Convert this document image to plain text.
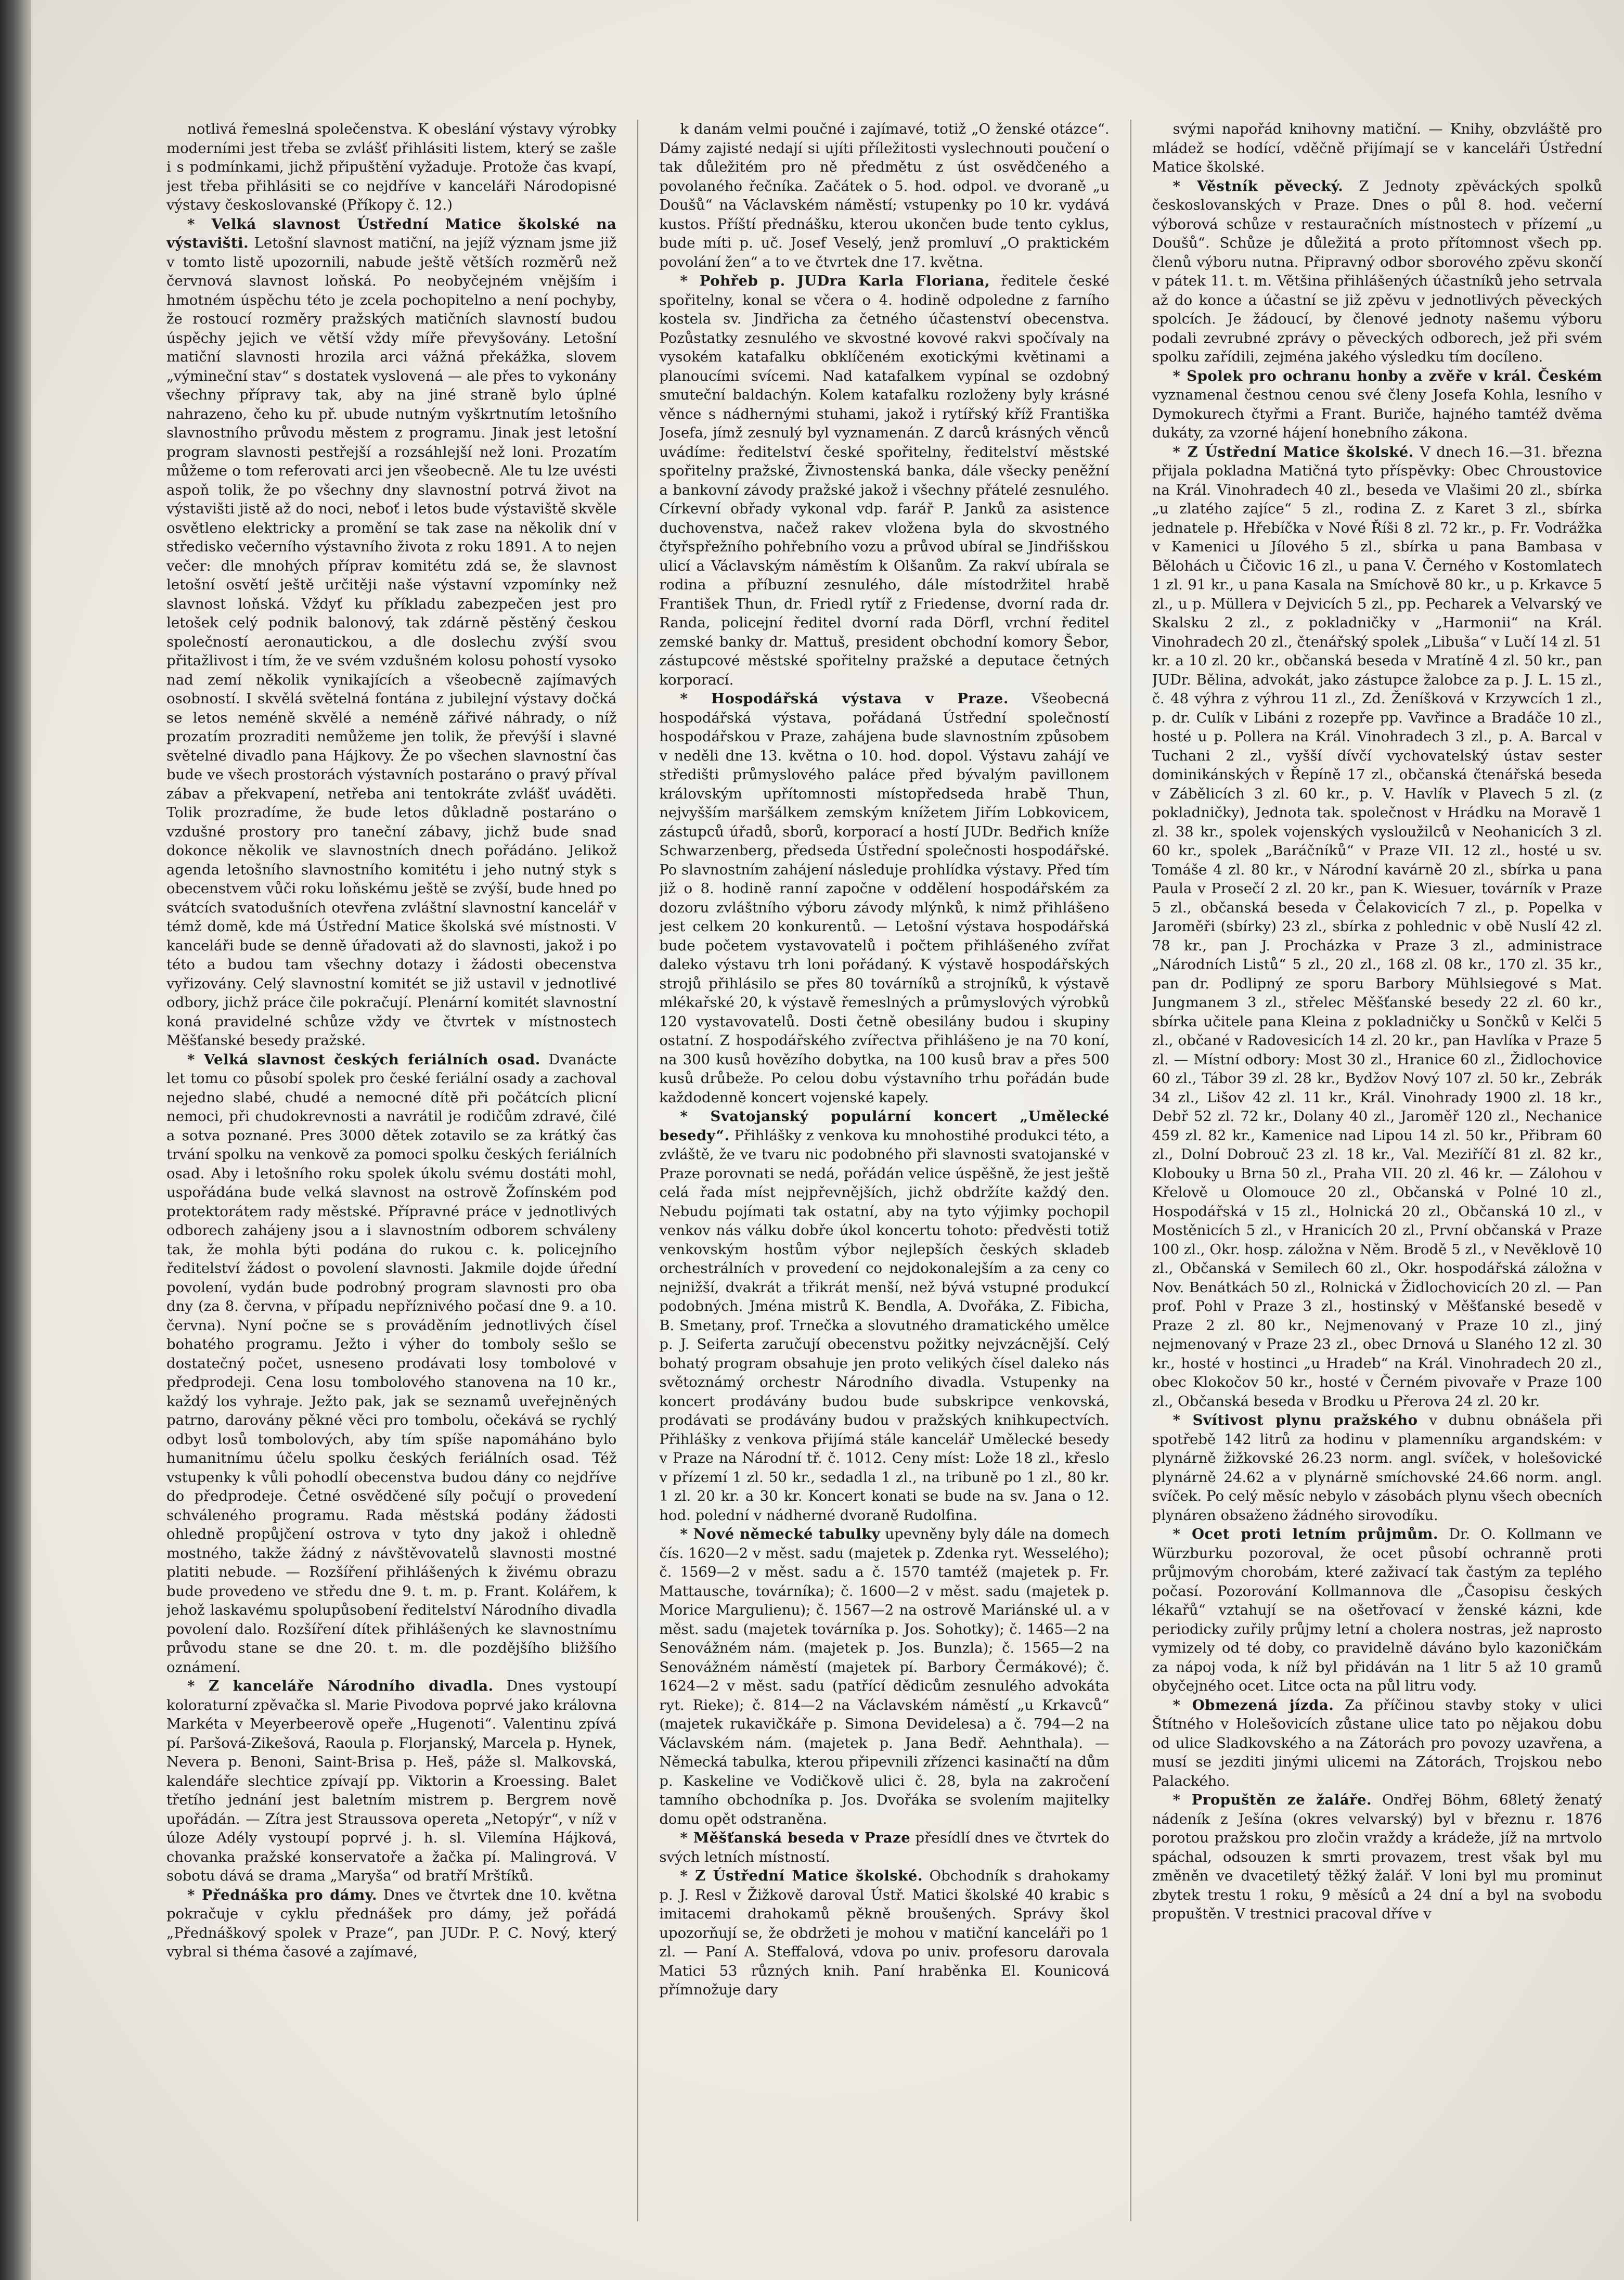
notlivá řemeslná společenstva. K obeslání výstavy výrobky moderními jest třeba se zvlášť přihlásiti listem, který se zašle i s podmínkami, jichž připuštění vyžaduje. Protože čas kvapí, jest třeba přihlásiti se co nejdříve v kanceláři Národopisné výstavy českoslovanské (Příkopy č. 12.)

* Velká slavnost Ústřední Matice školské na výstavišti. Letošní slavnost matiční, na jejíž význam jsme již v tomto listě upozornili, nabude ještě větších rozměrů než červnová slavnost loňská. Po neobyčejném vnějším i hmotném úspěchu této je zcela pochopitelno a není pochyby, že rostoucí rozměry pražských matičních slavností budou úspěchy jejich ve větší vždy míře převyšovány. Letošní matiční slavnosti hrozila arci vážná překážka, slovem „výmineční stav“ s dostatek vyslovená — ale přes to vykonány všechny přípravy tak, aby na jiné straně bylo úplné nahrazeno, čeho ku př. ubude nutným vyškrtnutím letošního slavnostního průvodu městem z programu. Jinak jest letošní program slavnosti pestřejší a rozsáhlejší než loni. Prozatím můžeme o tom referovati arci jen všeobecně. Ale tu lze uvésti aspoň tolik, že po všechny dny slavnostní potrvá život na výstavišti jistě až do noci, neboť i letos bude výstaviště skvěle osvětleno elektricky a promění se tak zase na několik dní v středisko večerního výstavního života z roku 1891. A to nejen večer: dle mnohých příprav komitétu zdá se, že slavnost letošní osvětí ještě určitěji naše výstavní vzpomínky než slavnost loňská. Vždyť ku příkladu zabezpečen jest pro letošek celý podnik balonový, tak zdárně pěstěný českou společností aeronautickou, a dle doslechu zvýší svou přitažlivost i tím, že ve svém vzdušném kolosu pohostí vysoko nad zemí několik vynikajících a všeobecně zajímavých osobností. I skvělá světelná fontána z jubilejní výstavy dočká se letos neméně skvělé a neméně zářivé náhrady, o níž prozatím prozraditi nemůžeme jen tolik, že převýší i slavné světelné divadlo pana Hájkovy. Že po všechen slavnostní čas bude ve všech prostorách výstavních postaráno o pravý příval zábav a překvapení, netřeba ani tentokráte zvlášť uváděti. Tolik prozradíme, že bude letos důkladně postaráno o vzdušné prostory pro taneční zábavy, jichž bude snad dokonce několik ve slavnostních dnech pořádáno. Jelikož agenda letošního slavnostního komitétu i jeho nutný styk s obecenstvem vůči roku loňskému ještě se zvýší, bude hned po svátcích svatodušních otevřena zvláštní slavnostní kancelář v témž domě, kde má Ústřední Matice školská své místnosti. V kanceláři bude se denně úřadovati až do slavnosti, jakož i po této a budou tam všechny dotazy i žádosti obecenstva vyřizovány. Celý slavnostní komitét se již ustavil v jednotlivé odbory, jichž práce čile pokračují. Plenární komitét slavnostní koná pravidelné schůze vždy ve čtvrtek v místnostech Měšťanské besedy pražské.

* Velká slavnost českých feriálních osad. Dvanácte let tomu co působí spolek pro české feriální osady a zachoval nejedno slabé, chudé a nemocné dítě při počátcích plicní nemoci, při chudokrevnosti a navrátil je rodičům zdravé, čilé a sotva poznané. Pres 3000 dětek zotavilo se za krátký čas trvání spolku na venkově za pomoci spolku českých feriálních osad. Aby i letošního roku spolek úkolu svému dostáti mohl, uspořádána bude velká slavnost na ostrově Žofínském pod protektorátem rady městské. Přípravné práce v jednotlivých odborech zahájeny jsou a i slavnostním odborem schváleny tak, že mohla býti podána do rukou c. k. policejního ředitelství žádost o povolení slavnosti. Jakmile dojde úřední povolení, vydán bude podrobný program slavnosti pro oba dny (za 8. června, v případu nepříznivého počasí dne 9. a 10. června). Nyní počne se s prováděním jednotlivých čísel bohatého programu. Ježto i výher do tomboly sešlo se dostatečný počet, usneseno prodávati losy tombolové v předprodeji. Cena losu tombolového stanovena na 10 kr., každý los vyhraje. Ježto pak, jak se seznamů uveřejněných patrno, darovány pěkné věci pro tombolu, očekává se rychlý odbyt losů tombolových, aby tím spíše napomáháno bylo humanitnímu účelu spolku českých feriálních osad. Též vstupenky k vůli pohodlí obecenstva budou dány co nejdříve do předprodeje. Četné osvědčené síly počují o provedení schváleného programu. Rada městská podány žádosti ohledně propůjčení ostrova v tyto dny jakož i ohledně mostného, takže žádný z návštěvovatelů slavnosti mostné platiti nebude. — Rozšíření přihlášených k živému obrazu bude provedeno ve středu dne 9. t. m. p. Frant. Kolářem, k jehož laskavému spolupůsobení ředitelství Národního divadla povolení dalo. Rozšíření dítek přihlášených ke slavnostnímu průvodu stane se dne 20. t. m. dle pozdějšího bližšího oznámení.

* Z kanceláře Národního divadla. Dnes vystoupí koloraturní zpěvačka sl. Marie Pivodova poprvé jako královna Markéta v Meyerbeerově opeře „Hugenoti“. Valentinu zpívá pí. Paršová-Zikešová, Raoula p. Florjanský, Marcela p. Hynek, Nevera p. Benoni, Saint-Brisa p. Heš, páže sl. Malkovská, kalendáře slechtice zpívají pp. Viktorin a Kroessing. Balet třetího jednání jest baletním mistrem p. Bergrem nově upořádán. — Zítra jest Straussova opereta „Netopýr“, v níž v úloze Adély vystoupí poprvé j. h. sl. Vilemína Hájková, chovanka pražské konservatoře a žačka pí. Malingrová. V sobotu dává se drama „Maryša“ od bratří Mrštíků.

* Přednáška pro dámy. Dnes ve čtvrtek dne 10. května pokračuje v cyklu přednášek pro dámy, jež pořádá „Přednáškový spolek v Praze“, pan JUDr. P. C. Nový, který vybral si théma časové a zajímavé,

k danám velmi poučné i zajímavé, totiž „O ženské otázce“. Dámy zajisté nedají si ujíti příležitosti vyslechnouti poučení o tak důležitém pro ně předmětu z úst osvědčeného a povolaného řečníka. Začátek o 5. hod. odpol. ve dvoraně „u Doušů“ na Václavském náměstí; vstupenky po 10 kr. vydává kustos. Příští přednášku, kterou ukončen bude tento cyklus, bude míti p. uč. Josef Veselý, jenž promluví „O praktickém povolání žen“ a to ve čtvrtek dne 17. května.

* Pohřeb p. JUDra Karla Floriana, ředitele české spořitelny, konal se včera o 4. hodině odpoledne z farního kostela sv. Jindřicha za četného účastenství obecenstva. Pozůstatky zesnulého ve skvostné kovové rakvi spočívaly na vysokém katafalku obklíčeném exotickými květinami a planoucími svícemi. Nad katafalkem vypínal se ozdobný smuteční baldachýn. Kolem katafalku rozloženy byly krásné věnce s nádhernými stuhami, jakož i rytířský kříž Františka Josefa, jímž zesnulý byl vyznamenán. Z darců krásných věnců uvádíme: ředitelství české spořitelny, ředitelství městské spořitelny pražské, Živnostenská banka, dále všecky peněžní a bankovní závody pražské jakož i všechny přátelé zesnulého. Církevní obřady vykonal vdp. farář P. Janků za asistence duchovenstva, načež rakev vložena byla do skvostného čtyřspřežního pohřebního vozu a průvod ubíral se Jindřišskou ulicí a Václavským náměstím k Olšanům. Za rakví ubírala se rodina a příbuzní zesnulého, dále místodržitel hrabě František Thun, dr. Friedl rytíř z Friedense, dvorní rada dr. Randa, policejní ředitel dvorní rada Dörfl, vrchní ředitel zemské banky dr. Mattuš, president obchodní komory Šebor, zástupcové městské spořitelny pražské a deputace četných korporací.

* Hospodářská výstava v Praze. Všeobecná hospodářská výstava, pořádaná Ústřední společností hospodářskou v Praze, zahájena bude slavnostním způsobem v neděli dne 13. května o 10. hod. dopol. Výstavu zahájí ve středišti průmyslového paláce před bývalým pavillonem královským upřítomnosti místopředseda hrabě Thun, nejvyšším maršálkem zemským knížetem Jiřím Lobkovicem, zástupců úřadů, sborů, korporací a hostí JUDr. Bedřich kníže Schwarzenberg, předseda Ústřední společnosti hospodářské. Po slavnostním zahájení následuje prohlídka výstavy. Před tím již o 8. hodině ranní započne v oddělení hospodářském za dozoru zvláštního výboru závody mlýnků, k nimž přihlášeno jest celkem 20 konkurentů. — Letošní výstava hospodářská bude početem vystavovatelů i počtem přihlášeného zvířat daleko výstavu trh loni pořádaný. K výstavě hospodářských strojů přihlásilo se přes 80 továrníků a strojníků, k výstavě mlékařské 20, k výstavě řemeslných a průmyslových výrobků 120 vystavovatelů. Dosti četně obesilány budou i skupiny ostatní. Z hospodářského zvířectva přihlášeno je na 70 koní, na 300 kusů hovězího dobytka, na 100 kusů brav a přes 500 kusů drůbeže. Po celou dobu výstavního trhu pořádán bude každodenně koncert vojenské kapely.

* Svatojanský populární koncert „Umělecké besedy“. Přihlášky z venkova ku mnohostihé produkci této, a zvláště, že ve tvaru nic podobného při slavnosti svatojanské v Praze porovnati se nedá, pořádán velice úspěšně, že jest ještě celá řada míst nejpřevnějších, jichž obdržíte každý den. Nebudu pojímati tak ostatní, aby na tyto výjimky pochopil venkov nás válku dobře úkol koncertu tohoto: předvěsti totiž venkovským hostům výbor nejlepších českých skladeb orchestrálních v provedení co nejdokonalejším a za ceny co nejnižší, dvakrát a třikrát menší, než bývá vstupné produkcí podobných. Jména mistrů K. Bendla, A. Dvořáka, Z. Fibicha, B. Smetany, prof. Trnečka a slovutného dramatického umělce p. J. Seiferta zaručují obecenstvu požitky nejvzácnější. Celý bohatý program obsahuje jen proto velikých čísel daleko nás světoznámý orchestr Národního divadla. Vstupenky na koncert prodávány budou bude subskripce venkovská, prodávati se prodávány budou v pražských knihkupectvích. Přihlášky z venkova přijímá stále kancelář Umělecké besedy v Praze na Národní tř. č. 1012. Ceny míst: Lože 18 zl., křeslo v přízemí 1 zl. 50 kr., sedadla 1 zl., na tribuně po 1 zl., 80 kr. 1 zl. 20 kr. a 30 kr. Koncert konati se bude na sv. Jana o 12. hod. polední v nádherné dvoraně Rudolfina.

* Nové německé tabulky upevněny byly dále na domech čís. 1620—2 v měst. sadu (majetek p. Zdenka ryt. Wesselého); č. 1569—2 v měst. sadu a č. 1570 tamtéž (majetek p. Fr. Mattausche, továrníka); č. 1600—2 v měst. sadu (majetek p. Morice Margulienu); č. 1567—2 na ostrově Mariánské ul. a v měst. sadu (majetek továrníka p. Jos. Sohotky); č. 1465—2 na Senovážném nám. (majetek p. Jos. Bunzla); č. 1565—2 na Senovážném náměstí (majetek pí. Barbory Čermákové); č. 1624—2 v měst. sadu (patřící dědicům zesnulého advokáta ryt. Rieke); č. 814—2 na Václavském náměstí „u Krkavců“ (majetek rukavičkáře p. Simona Devidelesa) a č. 794—2 na Václavském nám. (majetek p. Jana Bedř. Aehnthala). — Německá tabulka, kterou připevnili zřízenci kasinačtí na dům p. Kaskeline ve Vodičkově ulici č. 28, byla na zakročení tamního obchodníka p. Jos. Dvořáka se svolením majitelky domu opět odstraněna.

* Měšťanská beseda v Praze přesídlí dnes ve čtvrtek do svých letních místností.

* Z Ústřední Matice školské. Obchodník s drahokamy p. J. Resl v Žižkově daroval Ústř. Matici školské 40 krabic s imitacemi drahokamů pěkně broušených. Správy škol upozorňují se, že obdržeti je mohou v matiční kanceláři po 1 zl. — Paní A. Steffalová, vdova po univ. profesoru darovala Matici 53 různých knih. Paní hraběnka El. Kounicová přímnožuje dary

svými napořád knihovny matiční. — Knihy, obzvláště pro mládež se hodící, vděčně přijímají se v kanceláři Ústřední Matice školské.

* Věstník pěvecký. Z Jednoty zpěváckých spolků českoslovanských v Praze. Dnes o půl 8. hod. večerní výborová schůze v restauračních místnostech v přízemí „u Doušů“. Schůze je důležitá a proto přítomnost všech pp. členů výboru nutna. Připravný odbor sborového zpěvu skončí v pátek 11. t. m. Většina přihlášených účastníků jeho setrvala až do konce a účastní se již zpěvu v jednotlivých pěveckých spolcích. Je žádoucí, by členové jednoty našemu výboru podali zevrubné zprávy o pěveckých odborech, jež při svém spolku zařídili, zejména jakého výsledku tím docíleno.

* Spolek pro ochranu honby a zvěře v král. Českém vyznamenal čestnou cenou své členy Josefa Kohla, lesního v Dymokurech čtyřmi a Frant. Buriče, hajného tamtéž dvěma dukáty, za vzorné hájení honebního zákona.

* Z Ústřední Matice školské. V dnech 16.—31. března přijala pokladna Matičná tyto příspěvky: Obec Chroustovice na Král. Vinohradech 40 zl., beseda ve Vlašimi 20 zl., sbírka „u zlatého zajíce“ 5 zl., rodina Z. z Karet 3 zl., sbírka jednatele p. Hřebíčka v Nové Říši 8 zl. 72 kr., p. Fr. Vodrážka v Kamenici u Jílového 5 zl., sbírka u pana Bambasa v Bělohách u Čičovic 16 zl., u pana V. Černého v Kostomlatech 1 zl. 91 kr., u pana Kasala na Smíchově 80 kr., u p. Krkavce 5 zl., u p. Müllera v Dejvicích 5 zl., pp. Pecharek a Velvarský ve Skalsku 2 zl., z pokladničky v „Harmonii“ na Král. Vinohradech 20 zl., čtenářský spolek „Libuša“ v Lučí 14 zl. 51 kr. a 10 zl. 20 kr., občanská beseda v Mratíně 4 zl. 50 kr., pan JUDr. Bělina, advokát, jako zástupce žalobce za p. J. L. 15 zl., č. 48 výhra z výhrou 11 zl., Zd. Ženíšková v Krzywcích 1 zl., p. dr. Culík v Libáni z rozepře pp. Vavřince a Bradáče 10 zl., hosté u p. Pollera na Král. Vinohradech 3 zl., p. A. Barcal v Tuchani 2 zl., vyšší dívčí vychovatelský ústav sester dominikánských v Řepíně 17 zl., občanská čtenářská beseda v Zábělicích 3 zl. 60 kr., p. V. Havlík v Plavech 5 zl. (z pokladničky), Jednota tak. společnost v Hrádku na Moravě 1 zl. 38 kr., spolek vojenských vysloužilců v Neohanicích 3 zl. 60 kr., spolek „Baráčníků“ v Praze VII. 12 zl., hosté u sv. Tomáše 4 zl. 80 kr., v Národní kavárně 20 zl., sbírka u pana Paula v Prosečí 2 zl. 20 kr., pan K. Wiesuer, továrník v Praze 5 zl., občanská beseda v Čelakovicích 7 zl., p. Popelka v Jaroměři (sbírky) 23 zl., sbírka z pohlednic v obě Nuslí 42 zl. 78 kr., pan J. Procházka v Praze 3 zl., administrace „Národních Listů“ 5 zl., 20 zl., 168 zl. 08 kr., 170 zl. 35 kr., pan dr. Podlipný ze sporu Barbory Mühlsiegové s Mat. Jungmanem 3 zl., střelec Měšťanské besedy 22 zl. 60 kr., sbírka učitele pana Kleina z pokladničky u Sončků v Kelči 5 zl., občané v Radovesicích 14 zl. 20 kr., pan Havlíka v Praze 5 zl. — Místní odbory: Most 30 zl., Hranice 60 zl., Židlochovice 60 zl., Tábor 39 zl. 28 kr., Bydžov Nový 107 zl. 50 kr., Zebrák 34 zl., Lišov 42 zl. 11 kr., Král. Vinohrady 1900 zl. 18 kr., Debř 52 zl. 72 kr., Dolany 40 zl., Jaroměř 120 zl., Nechanice 459 zl. 82 kr., Kamenice nad Lipou 14 zl. 50 kr., Přibram 60 zl., Dolní Dobrouč 23 zl. 18 kr., Val. Meziříčí 81 zl. 82 kr., Klobouky u Brna 50 zl., Praha VII. 20 zl. 46 kr. — Zálohou v Křelově u Olomouce 20 zl., Občanská v Polné 10 zl., Hospodářská v 15 zl., Holnická 20 zl., Občanská 10 zl., v Mostěnicích 5 zl., v Hranicích 20 zl., První občanská v Praze 100 zl., Okr. hosp. záložna v Něm. Brodě 5 zl., v Nevěklově 10 zl., Občanská v Semilech 60 zl., Okr. hospodářská záložna v Nov. Benátkách 50 zl., Rolnická v Židlochovicích 20 zl. — Pan prof. Pohl v Praze 3 zl., hostinský v Měšťanské besedě v Praze 2 zl. 80 kr., Nejmenovaný v Praze 10 zl., jiný nejmenovaný v Praze 23 zl., obec Drnová u Slaného 12 zl. 30 kr., hosté v hostinci „u Hradeb“ na Král. Vinohradech 20 zl., obec Klokočov 50 kr., hosté v Černém pivovaře v Praze 100 zl., Občanská beseda v Brodku u Přerova 24 zl. 20 kr.

* Svítivost plynu pražského v dubnu obnášela při spotřebě 142 litrů za hodinu v plamenníku argandském: v plynárně žižkovské 26.23 norm. angl. svíček, v holešovické plynárně 24.62 a v plynárně smíchovské 24.66 norm. angl. svíček. Po celý měsíc nebylo v zásobách plynu všech obecních plynáren obsaženo žádného sirovodíku.

* Ocet proti letním průjmům. Dr. O. Kollmann ve Würzburku pozoroval, že ocet působí ochranně proti průjmovým chorobám, které zaživací tak častým za teplého počasí. Pozorování Kollmannova dle „Časopisu českých lékařů“ vztahují se na ošetřovací v ženské kázni, kde periodicky zuřily průjmy letní a cholera nostras, jež naprosto vymizely od té doby, co pravidelně dáváno bylo kazoničkám za nápoj voda, k níž byl přidáván na 1 litr 5 až 10 gramů obyčejného ocet. Litce octa na půl litru vody.

* Obmezená jízda. Za příčinou stavby stoky v ulici Štítného v Holešovicích zůstane ulice tato po nějakou dobu od ulice Sladkovského a na Zátorách pro povozy uzavřena, a musí se jezditi jinými ulicemi na Zátorách, Trojskou nebo Palackého.

* Propuštěn ze žaláře. Ondřej Böhm, 68letý ženatý nádeník z Ješína (okres velvarský) byl v březnu r. 1876 porotou pražskou pro zločin vraždy a krádeže, jíž na mrtvolo spáchal, odsouzen k smrti provazem, trest však byl mu změněn ve dvacetiletý těžký žalář. V loni byl mu prominut zbytek trestu 1 roku, 9 měsíců a 24 dní a byl na svobodu propuštěn. V trestnici pracoval dříve v
